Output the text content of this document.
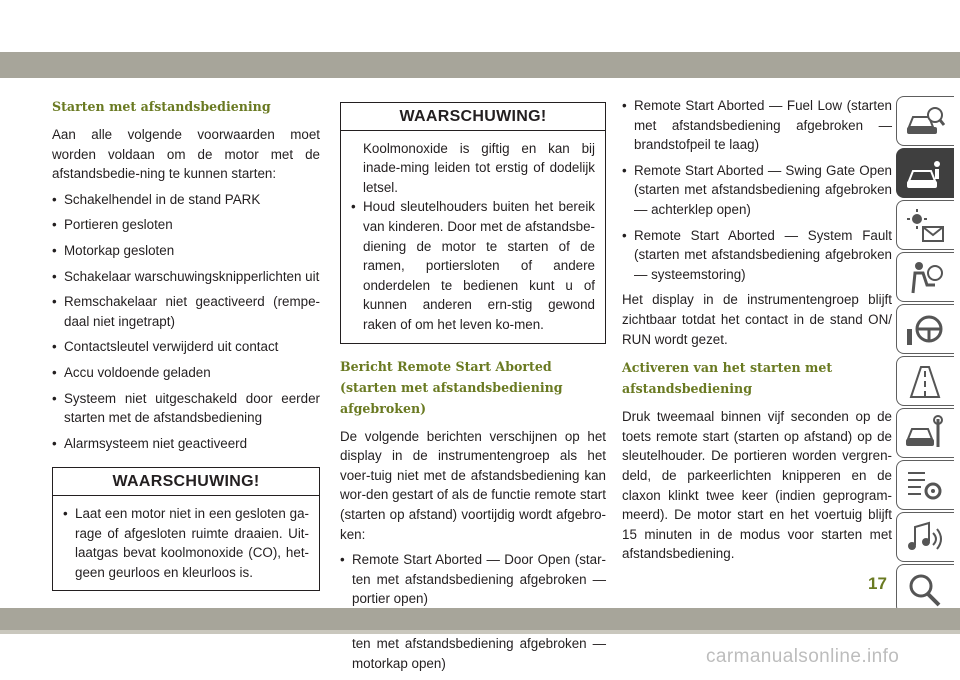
Starten met afstandsbediening

Aan alle volgende voorwaarden moet worden voldaan om de motor met de afstandsbedie-ning te kunnen starten:

• Schakelhendel in de stand PARK
• Portieren gesloten
• Motorkap gesloten
• Schakelaar warschuwingsknipperlichten uit
• Remschakelaar niet geactiveerd (rempe-daal niet ingetrapt)
• Contactsleutel verwijderd uit contact
• Accu voldoende geladen
• Systeem niet uitgeschakeld door eerder starten met de afstandsbediening
• Alarmsysteem niet geactiveerd
WAARSCHUWING!
• Laat een motor niet in een gesloten ga-rage of afgesloten ruimte draaien. Uit-laatgas bevat koolmonoxide (CO), het-geen geurloos en kleurloos is.
WAARSCHUWING!

Koolmonoxide is giftig en kan bij inade-ming leiden tot erstig of dodelijk letsel.

• Houd sleutelhouders buiten het bereik van kinderen. Door met de afstandsbe-diening de motor te starten of de ramen, portiersloten of andere onderdelen te bedienen kunt u of kunnen anderen ern-stig gewond raken of om het leven ko-men.
Bericht Remote Start Aborted (starten met afstandsbediening afgebroken)

De volgende berichten verschijnen op het display in de instrumentengroep als het voer-tuig niet met de afstandsbediening kan wor-den gestart of als de functie remote start (starten op afstand) voortijdig wordt afgebro-ken:

• Remote Start Aborted — Door Open (star-ten met afstandsbediening afgebroken — portier open)
• ten met afstandsbediening afgebroken — motorkap open)
• Remote Start Aborted — Fuel Low (starten met afstandsbediening afgebroken — brandstofpeil te laag)
• Remote Start Aborted — Swing Gate Open (starten met afstandsbediening afgebroken — achterklep open)
• Remote Start Aborted — System Fault (starten met afstandsbediening afgebroken — systeemstoring)

Het display in de instrumentengroep blijft zichtbaar totdat het contact in de stand ON/ RUN wordt gezet.

Activeren van het starten met afstandsbediening

Druk tweemaal binnen vijf seconden op de toets remote start (starten op afstand) op de sleutelhouder. De portieren worden vergren-deld, de parkeerlichten knipperen en de claxon klinkt twee keer (indien geprogram-meerd). De motor start en het voertuig blijft 15 minuten in de modus voor starten met afstandsbediening.

17
carmanualsonline.info
